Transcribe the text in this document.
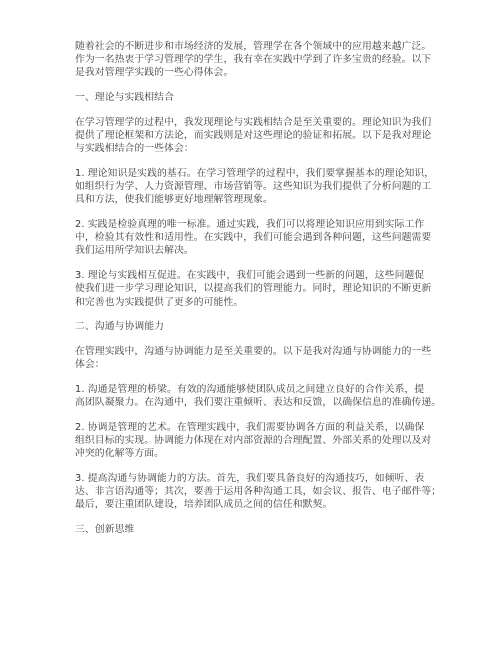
随着社会的不断进步和市场经济的发展，管理学在各个领域中的应用越来越广泛。

作为一名热衷于学习管理学的学生，我有幸在实践中学到了许多宝贵的经验。以下

是我对管理学实践的一些心得体会。

一、理论与实践相结合

在学习管理学的过程中，我发现理论与实践相结合是至关重要的。理论知识为我们

提供了理论框架和方法论，而实践则是对这些理论的验证和拓展。以下是我对理论

与实践相结合的一些体会：

1. 理论知识是实践的基石。在学习管理学的过程中，我们要掌握基本的理论知识，

如组织行为学、人力资源管理、市场营销等。这些知识为我们提供了分析问题的工

具和方法，使我们能够更好地理解管理现象。

2. 实践是检验真理的唯一标准。通过实践，我们可以将理论知识应用到实际工作

中，检验其有效性和适用性。在实践中，我们可能会遇到各种问题，这些问题需要

我们运用所学知识去解决。

3. 理论与实践相互促进。在实践中，我们可能会遇到一些新的问题，这些问题促

使我们进一步学习理论知识，以提高我们的管理能力。同时，理论知识的不断更新

和完善也为实践提供了更多的可能性。

二、沟通与协调能力

在管理实践中，沟通与协调能力是至关重要的。以下是我对沟通与协调能力的一些

体会：

1. 沟通是管理的桥梁。有效的沟通能够使团队成员之间建立良好的合作关系，提

高团队凝聚力。在沟通中，我们要注重倾听、表达和反馈，以确保信息的准确传递。

2. 协调是管理的艺术。在管理实践中，我们需要协调各方面的利益关系，以确保

组织目标的实现。协调能力体现在对内部资源的合理配置、外部关系的处理以及对

冲突的化解等方面。

3. 提高沟通与协调能力的方法。首先，我们要具备良好的沟通技巧，如倾听、表

达、非言语沟通等；其次，要善于运用各种沟通工具，如会议、报告、电子邮件等；

最后，要注重团队建设，培养团队成员之间的信任和默契。

三、创新思维
